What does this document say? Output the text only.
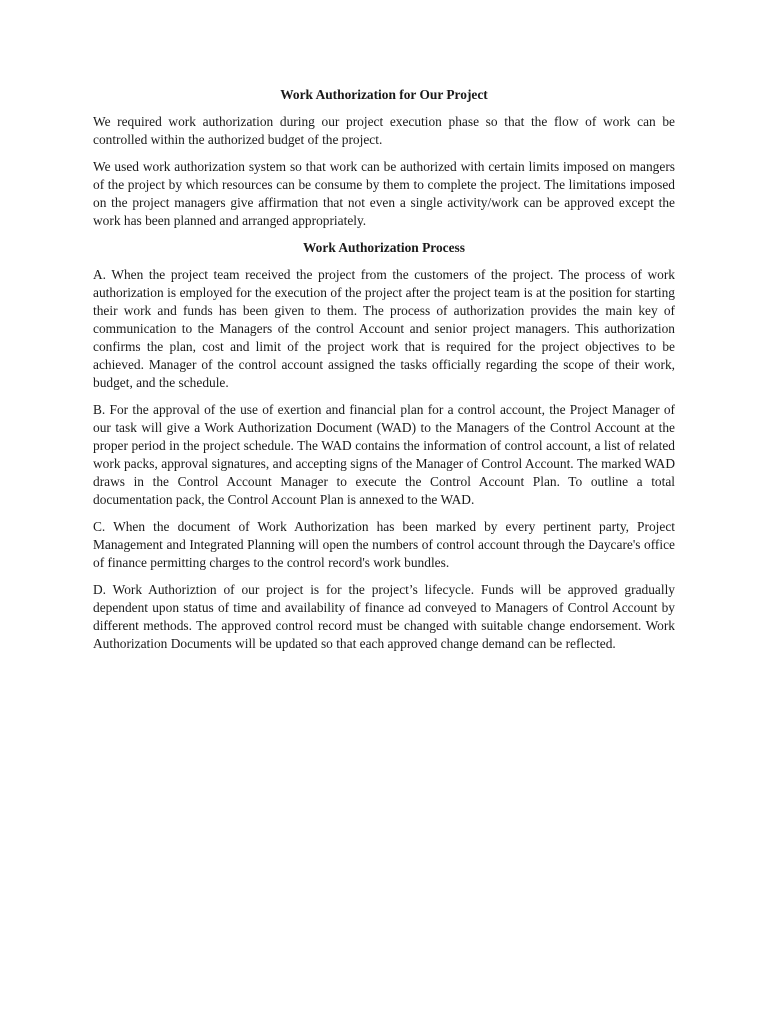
Work Authorization for Our Project

We required work authorization during our project execution phase so that the flow of work can be controlled within the authorized budget of the project.

We used work authorization system so that work can be authorized with certain limits imposed on mangers of the project by which resources can be consume by them to complete the project. The limitations imposed on the project managers give affirmation that not even a single activity/work can be approved except the work has been planned and arranged appropriately.

Work Authorization Process

A. When the project team received the project from the customers of the project. The process of work authorization is employed for the execution of the project after the project team is at the position for starting their work and funds has been given to them. The process of authorization provides the main key of communication to the Managers of the control Account and senior project managers. This authorization confirms the plan, cost and limit of the project work that is required for the project objectives to be achieved. Manager of the control account assigned the tasks officially regarding the scope of their work, budget, and the schedule.

B. For the approval of the use of exertion and financial plan for a control account, the Project Manager of our task will give a Work Authorization Document (WAD) to the Managers of the Control Account at the proper period in the project schedule. The WAD contains the information of control account, a list of related work packs, approval signatures, and accepting signs of the Manager of Control Account. The marked WAD draws in the Control Account Manager to execute the Control Account Plan. To outline a total documentation pack, the Control Account Plan is annexed to the WAD.

C. When the document of Work Authorization has been marked by every pertinent party, Project Management and Integrated Planning will open the numbers of control account through the Daycare's office of finance permitting charges to the control record's work bundles.

D. Work Authoriztion of our project is for the project’s lifecycle. Funds will be approved gradually dependent upon status of time and availability of finance ad conveyed to Managers of Control Account by different methods. The approved control record must be changed with suitable change endorsement. Work Authorization Documents will be updated so that each approved change demand can be reflected.
